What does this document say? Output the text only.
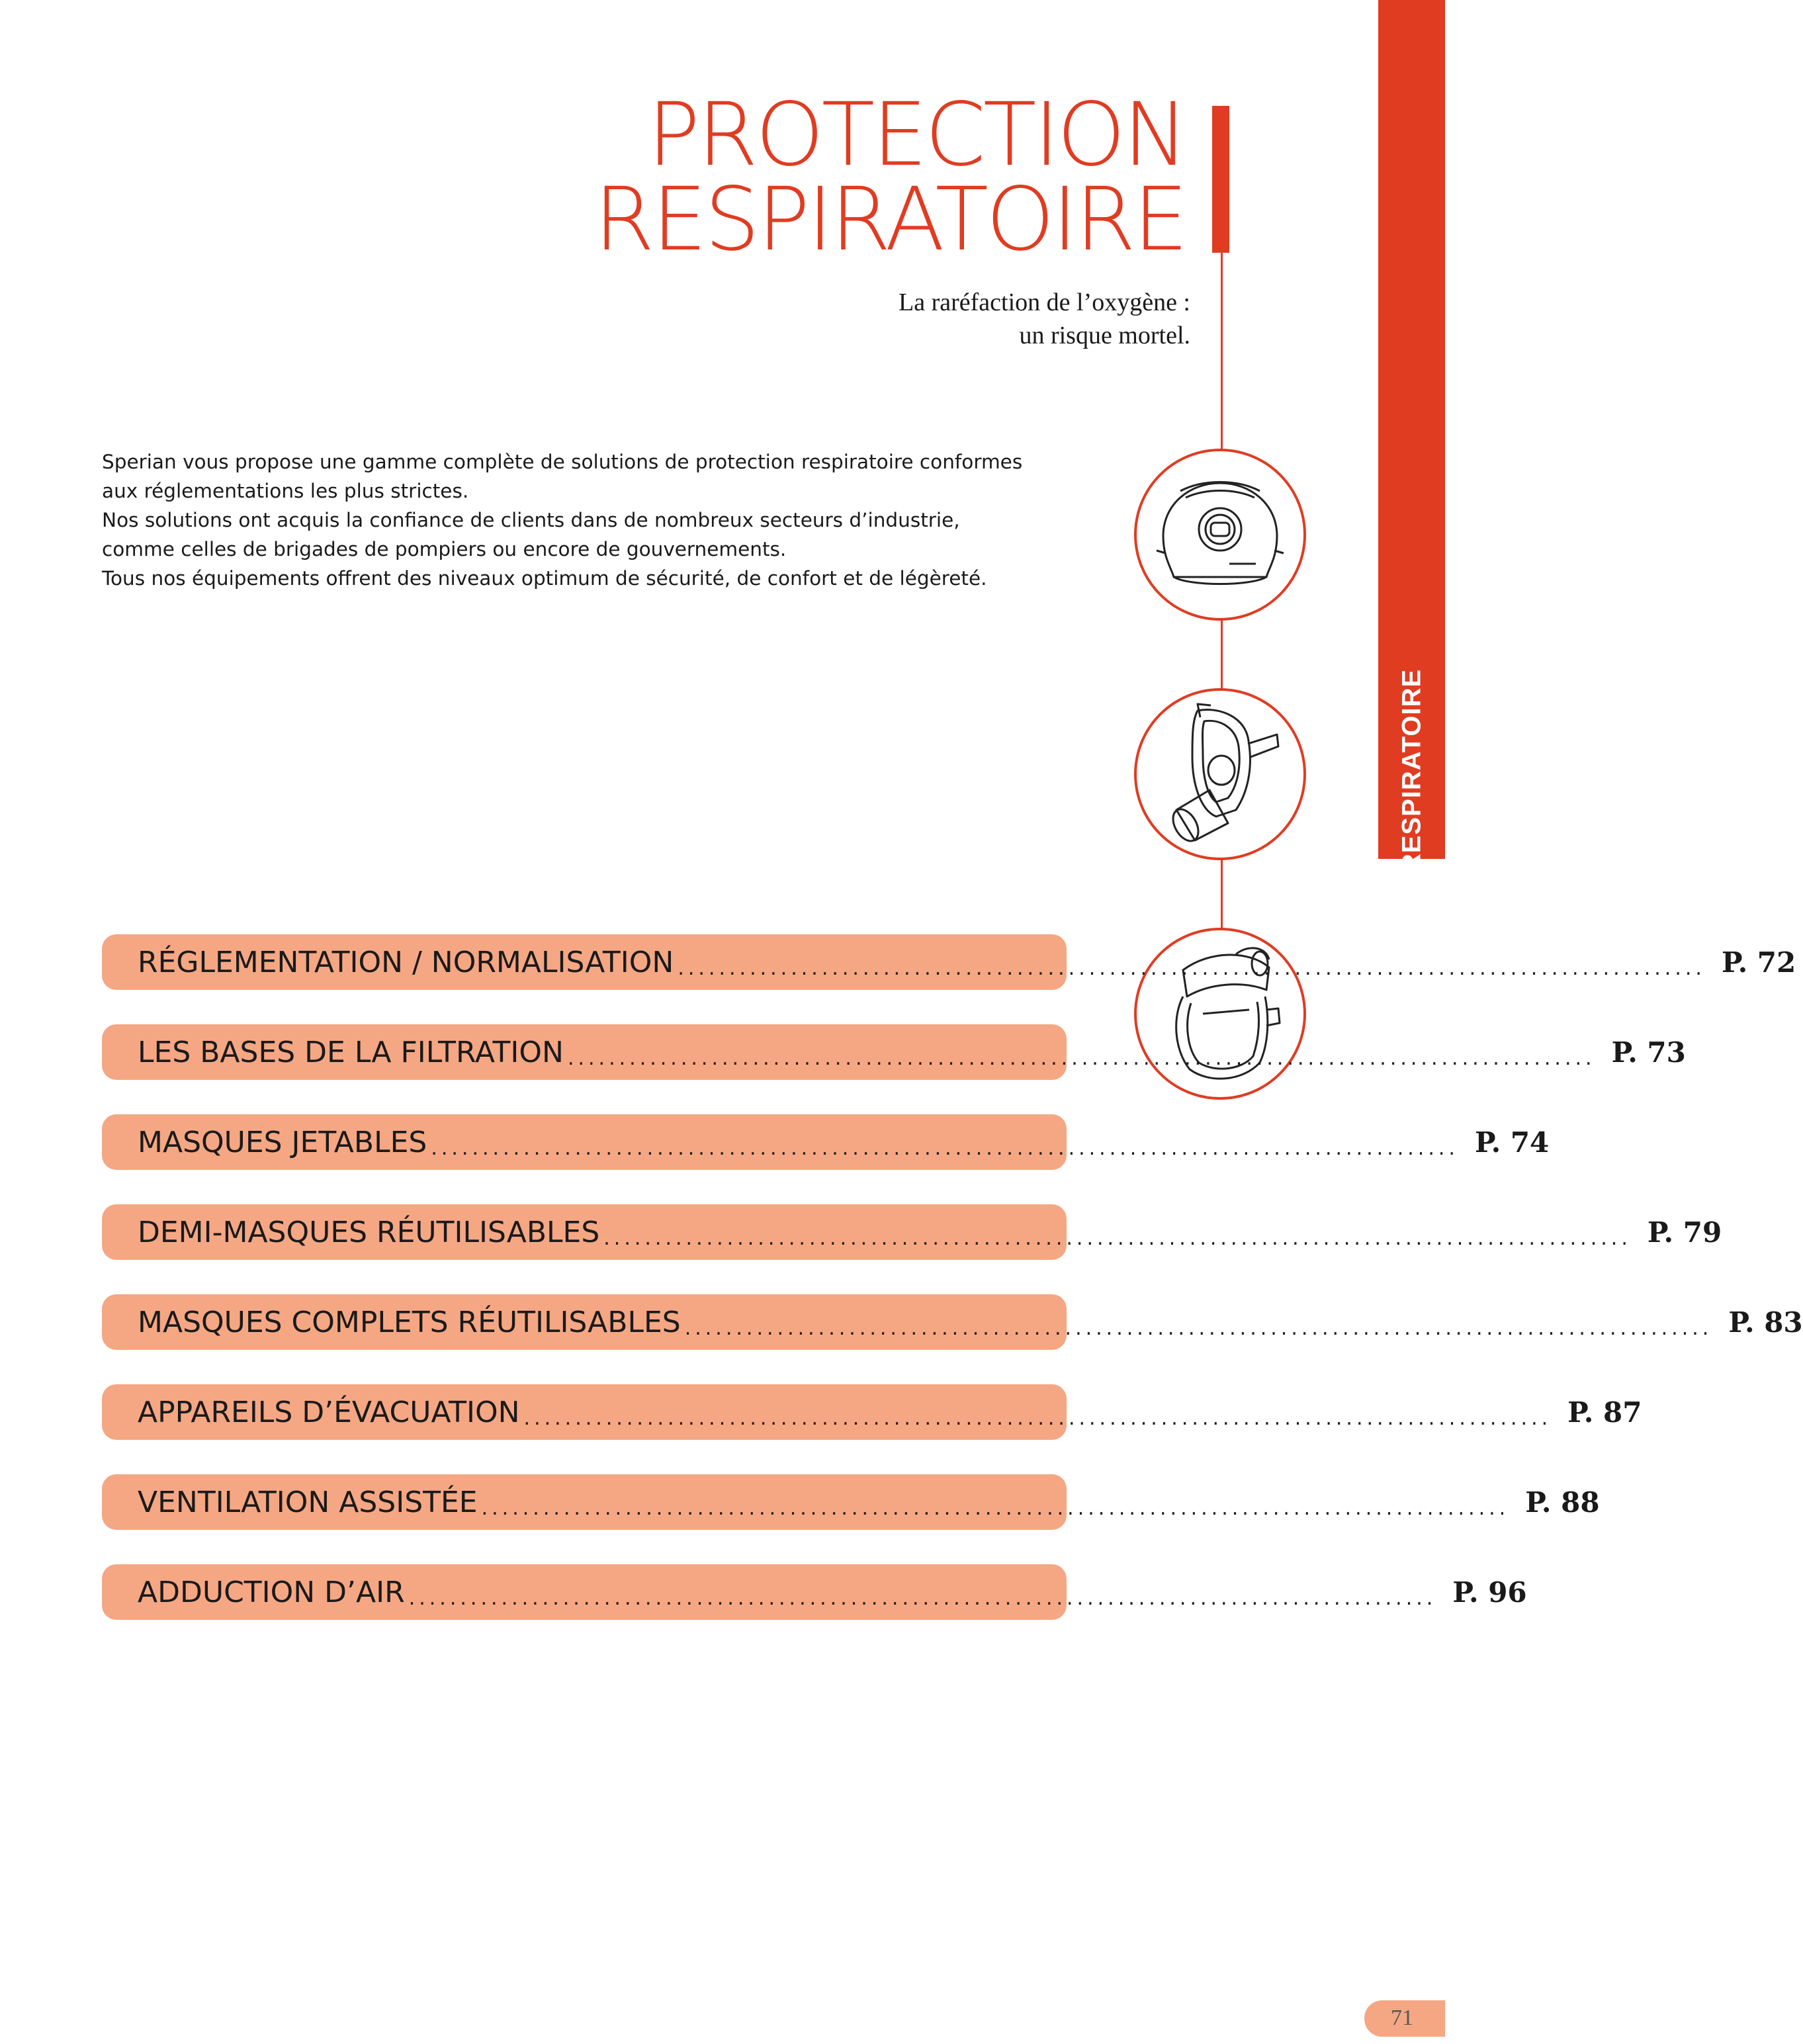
RESPIRATOIRE
PROTECTION
RESPIRATOIRE
La raréfaction de l’oxygène :
un risque mortel.

Sperian vous propose une gamme complète de solutions de protection respiratoire conformes

aux réglementations les plus strictes.

Nos solutions ont acquis la confiance de clients dans de nombreux secteurs d’industrie,

comme celles de brigades de pompiers ou encore de gouvernements.

Tous nos équipements offrent des niveaux optimum de sécurité, de confort et de légèreté.

RÉGLEMENTATION / NORMALISATION .................................................................................................... P. 72
LES BASES DE LA FILTRATION .................................................................................................... P. 73
MASQUES JETABLES .................................................................................................... P. 74
DEMI-MASQUES RÉUTILISABLES .................................................................................................... P. 79
MASQUES COMPLETS RÉUTILISABLES .................................................................................................... P. 83
APPAREILS D’ÉVACUATION .................................................................................................... P. 87
VENTILATION ASSISTÉE .................................................................................................... P. 88
ADDUCTION D’AIR .................................................................................................... P. 96
71
